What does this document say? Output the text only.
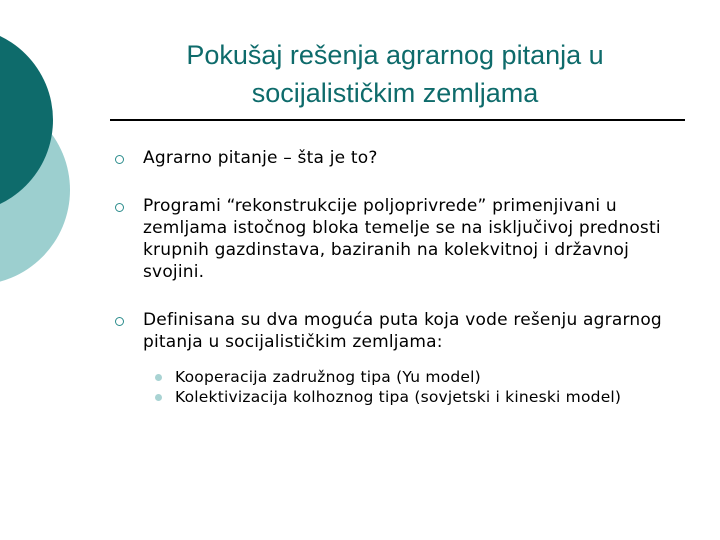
Pokušaj rešenja agrarnog pitanja u
socijalističkim zemljama
Agrarno pitanje – šta je to?
Programi “rekonstrukcije poljoprivrede” primenjivani u zemljama istočnog bloka temelje se na isključivoj prednosti krupnih gazdinstava, baziranih na kolekvitnoj i državnoj svojini.
Definisana su dva moguća puta koja vode rešenju agrarnog pitanja u socijalističkim zemljama:
Kooperacija zadružnog tipa (Yu model)
Kolektivizacija kolhoznog tipa (sovjetski i kineski model)
